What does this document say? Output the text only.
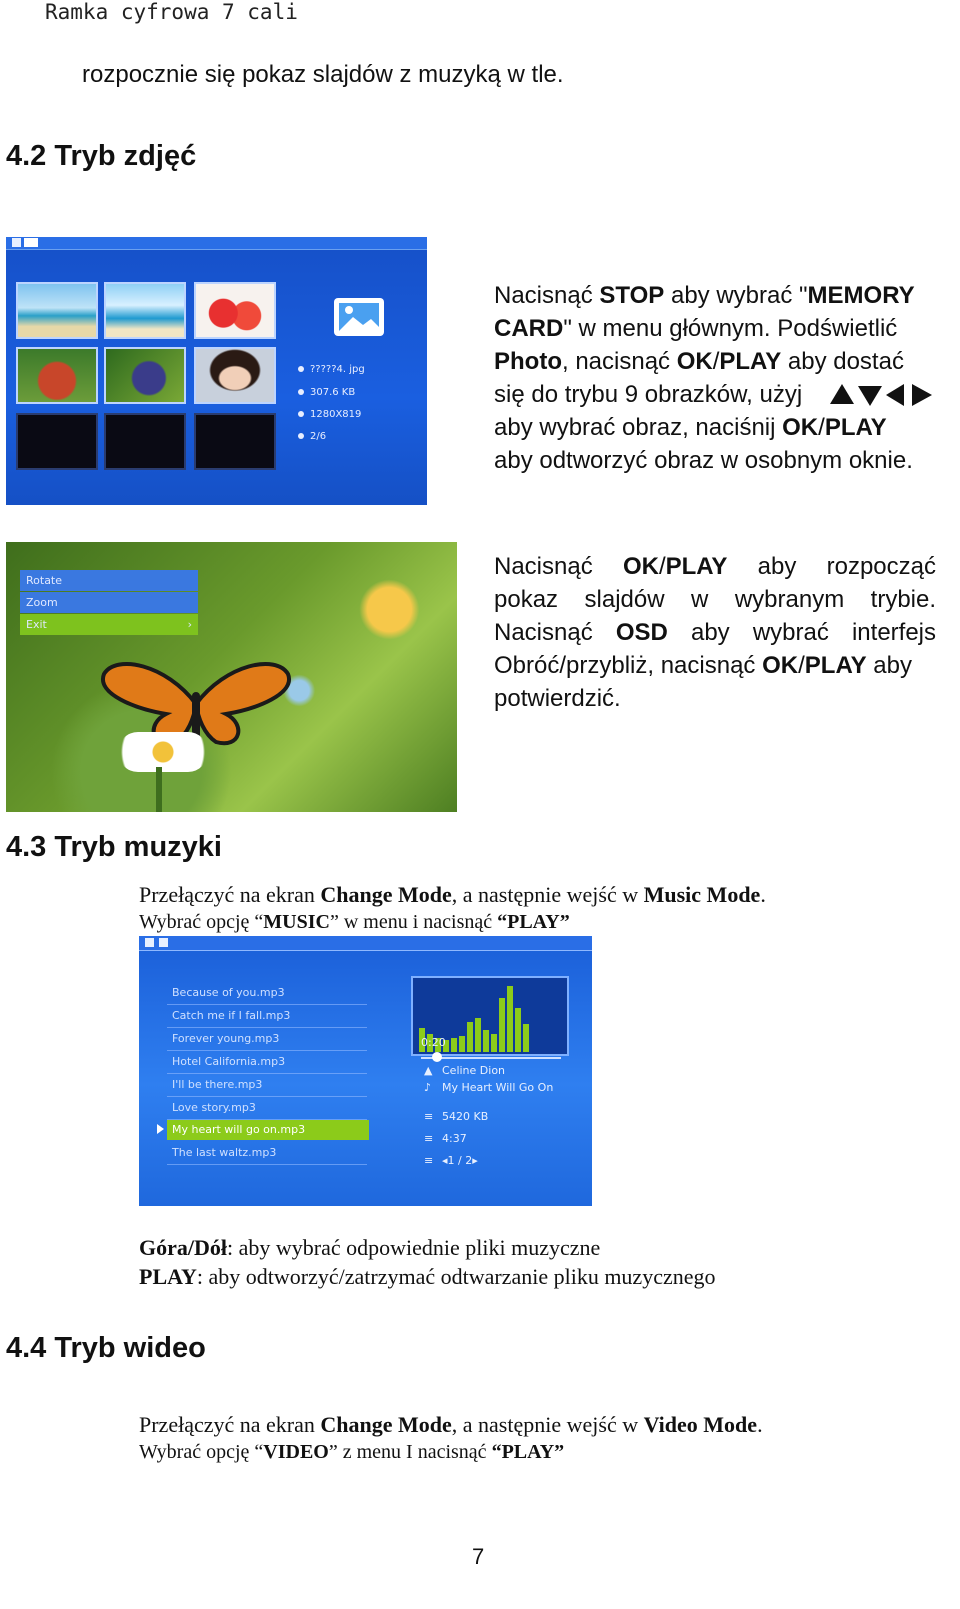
Ramka cyfrowa 7 cali
rozpocznie się pokaz slajdów z muzyką w tle.
4.2 Tryb zdjęć
?????4. jpg
307.6 KB
1280X819
2/6
Nacisnąć STOP aby wybrać "MEMORY
CARD" w menu głównym. Podświetlić
Photo, nacisnąć OK/PLAY aby dostać
się do trybu 9 obrazków, użyj
aby wybrać obraz, naciśnij OK/PLAY
aby odtworzyć obraz w osobnym oknie.
Rotate
Zoom
Exit	›
Nacisnąć OK/PLAY aby rozpocząć
pokaz slajdów w wybranym trybie.
Nacisnąć OSD aby wybrać interfejs
Obróć/przybliż, nacisnąć OK/PLAY aby
potwierdzić.
4.3 Tryb muzyki
Przełączyć na ekran Change Mode, a następnie wejść w Music Mode.
Wybrać opcję “MUSIC” w menu i nacisnąć “PLAY”
Because of you.mp3
Catch me if I fall.mp3
Forever young.mp3
Hotel California.mp3
I'll be there.mp3
Love story.mp3
My heart will go on.mp3
The last waltz.mp3
0:20
▲ Celine Dion
♪ My Heart Will Go On
≡ 5420 KB
≡ 4:37
≡ ◂1 / 2▸
Góra/Dół: aby wybrać odpowiednie pliki muzyczne
PLAY: aby odtworzyć/zatrzymać odtwarzanie pliku muzycznego
4.4 Tryb wideo
Przełączyć na ekran Change Mode, a następnie wejść w Video Mode.
Wybrać opcję “VIDEO” z menu I nacisnąć “PLAY”
7
